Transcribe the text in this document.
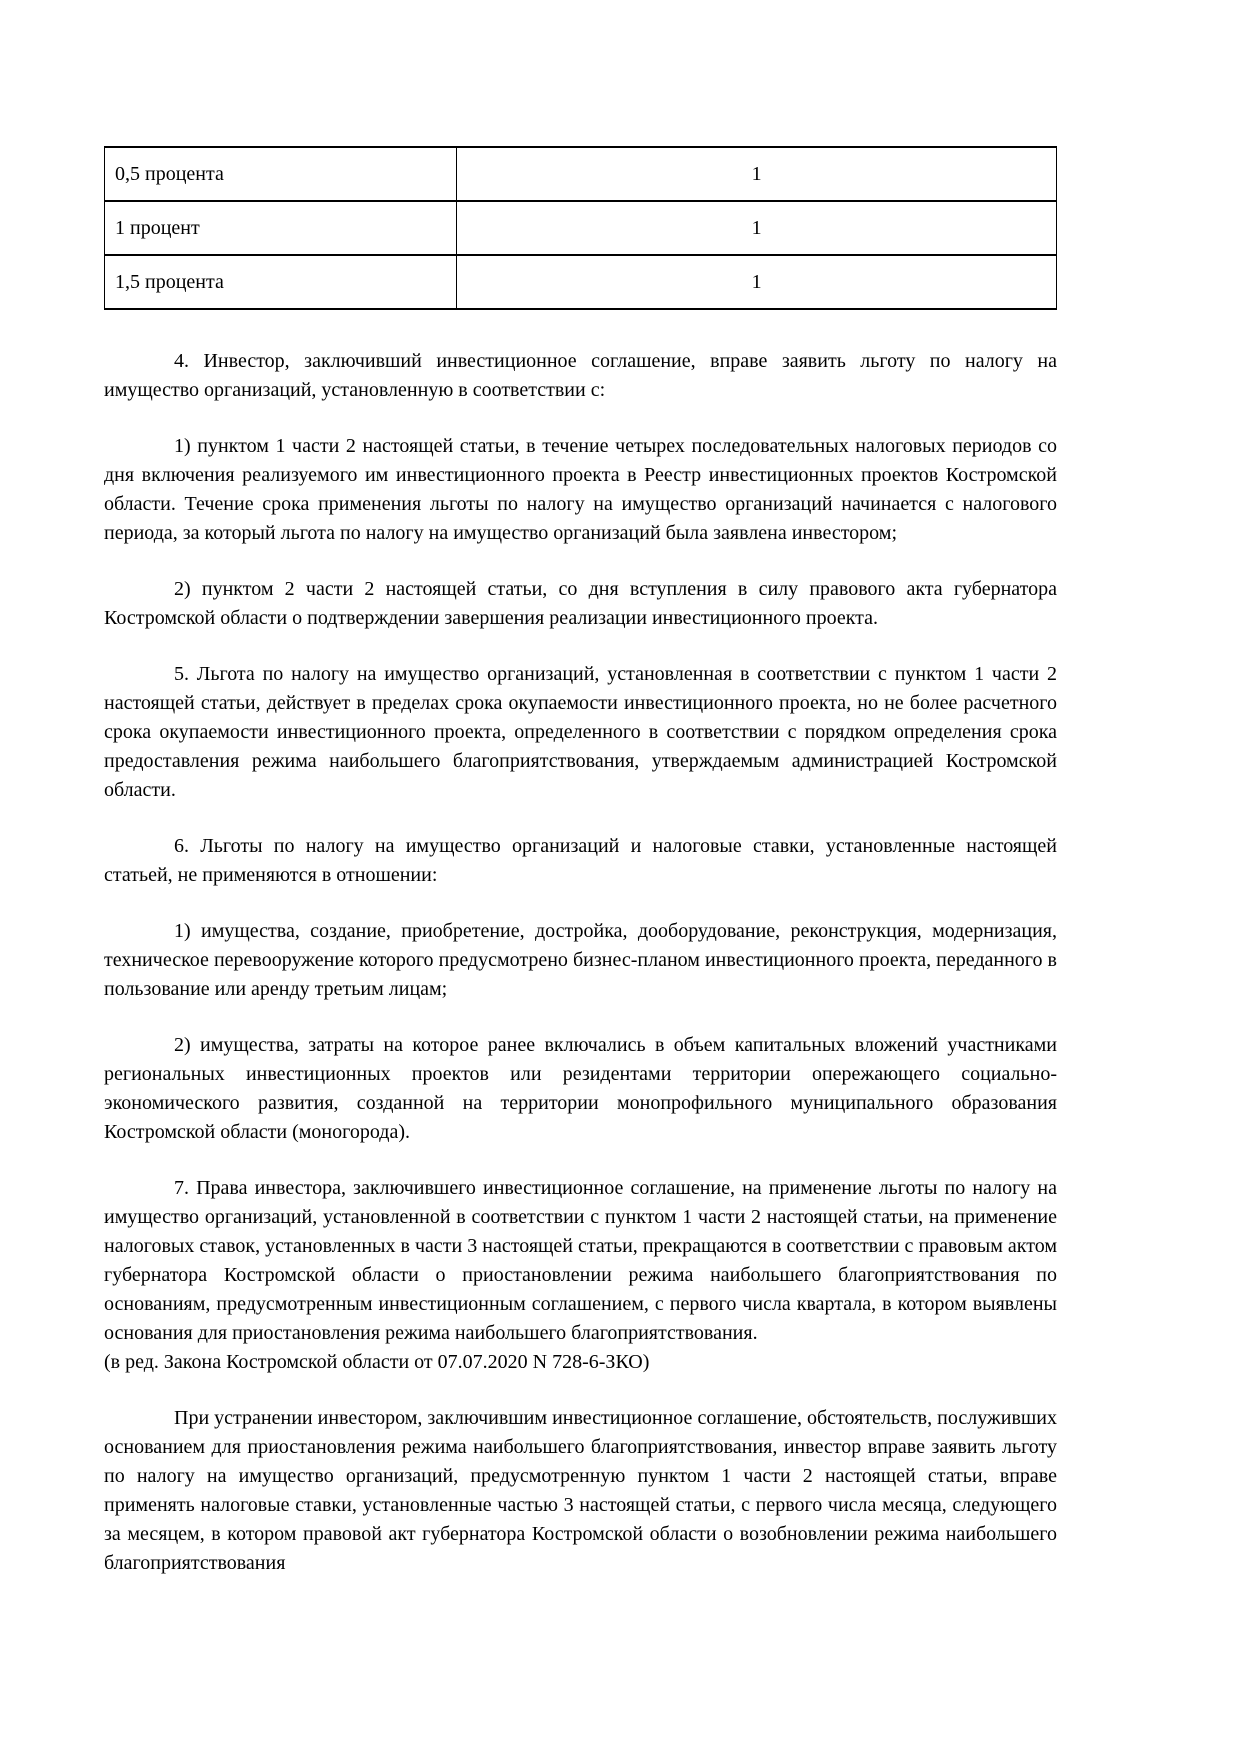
0,5 процента	1
1 процент	1
1,5 процента	1

4. Инвестор, заключивший инвестиционное соглашение, вправе заявить льготу по налогу на имущество организаций, установленную в соответствии с:

1) пунктом 1 части 2 настоящей статьи, в течение четырех последовательных налоговых периодов со дня включения реализуемого им инвестиционного проекта в Реестр инвестиционных проектов Костромской области. Течение срока применения льготы по налогу на имущество организаций начинается с налогового периода, за который льгота по налогу на имущество организаций была заявлена инвестором;

2) пунктом 2 части 2 настоящей статьи, со дня вступления в силу правового акта губернатора Костромской области о подтверждении завершения реализации инвестиционного проекта.

5. Льгота по налогу на имущество организаций, установленная в соответствии с пунктом 1 части 2 настоящей статьи, действует в пределах срока окупаемости инвестиционного проекта, но не более расчетного срока окупаемости инвестиционного проекта, определенного в соответствии с порядком определения срока предоставления режима наибольшего благоприятствования, утверждаемым администрацией Костромской области.

6. Льготы по налогу на имущество организаций и налоговые ставки, установленные настоящей статьей, не применяются в отношении:

1) имущества, создание, приобретение, достройка, дооборудование, реконструкция, модернизация, техническое перевооружение которого предусмотрено бизнес-планом инвестиционного проекта, переданного в пользование или аренду третьим лицам;

2) имущества, затраты на которое ранее включались в объем капитальных вложений участниками региональных инвестиционных проектов или резидентами территории опережающего социально-экономического развития, созданной на территории монопрофильного муниципального образования Костромской области (моногорода).

7. Права инвестора, заключившего инвестиционное соглашение, на применение льготы по налогу на имущество организаций, установленной в соответствии с пунктом 1 части 2 настоящей статьи, на применение налоговых ставок, установленных в части 3 настоящей статьи, прекращаются в соответствии с правовым актом губернатора Костромской области о приостановлении режима наибольшего благоприятствования по основаниям, предусмотренным инвестиционным соглашением, с первого числа квартала, в котором выявлены основания для приостановления режима наибольшего благоприятствования.

(в ред. Закона Костромской области от 07.07.2020 N 728-6-ЗКО)

При устранении инвестором, заключившим инвестиционное соглашение, обстоятельств, послуживших основанием для приостановления режима наибольшего благоприятствования, инвестор вправе заявить льготу по налогу на имущество организаций, предусмотренную пунктом 1 части 2 настоящей статьи, вправе применять налоговые ставки, установленные частью 3 настоящей статьи, с первого числа месяца, следующего за месяцем, в котором правовой акт губернатора Костромской области о возобновлении режима наибольшего благоприятствования
